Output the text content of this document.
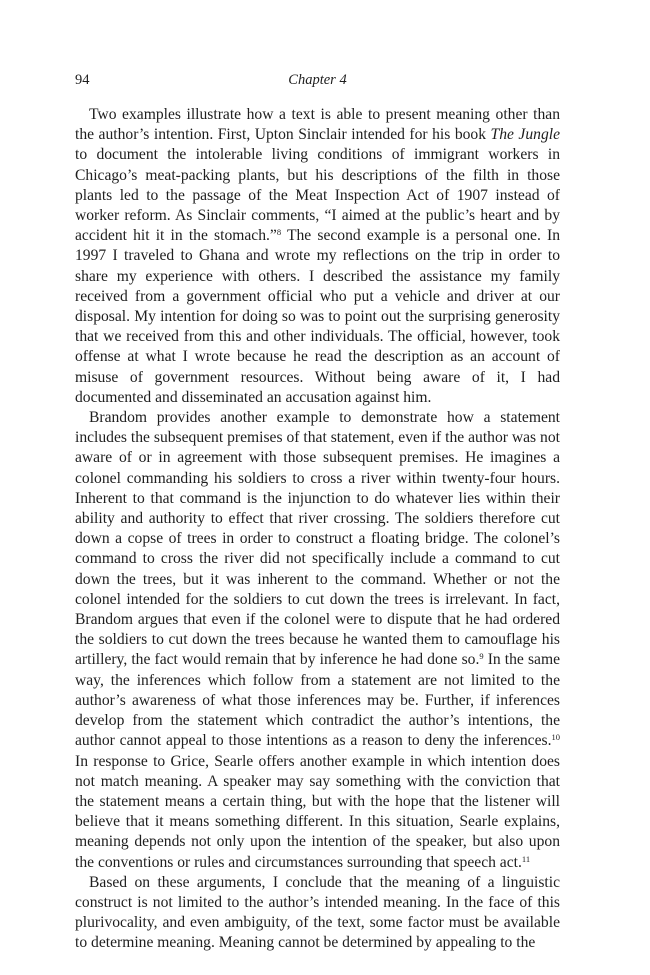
94	Chapter 4

Two examples illustrate how a text is able to present meaning other than the author’s intention. First, Upton Sinclair intended for his book The Jungle to document the intolerable living conditions of immigrant workers in Chicago’s meat-packing plants, but his descriptions of the filth in those plants led to the passage of the Meat Inspection Act of 1907 instead of worker reform. As Sinclair comments, “I aimed at the public’s heart and by accident hit it in the stomach.”$^8$ The second example is a personal one. In 1997 I traveled to Ghana and wrote my reflections on the trip in order to share my experience with others. I described the assistance my family received from a government official who put a vehicle and driver at our disposal. My intention for doing so was to point out the surprising generosity that we received from this and other individuals. The official, however, took offense at what I wrote because he read the description as an account of misuse of government resources. Without being aware of it, I had documented and disseminated an accusation against him.

Brandom provides another example to demonstrate how a statement includes the subsequent premises of that statement, even if the author was not aware of or in agreement with those subsequent premises. He imagines a colonel commanding his soldiers to cross a river within twenty-four hours. Inherent to that command is the injunction to do whatever lies within their ability and authority to effect that river crossing. The soldiers therefore cut down a copse of trees in order to construct a floating bridge. The colonel’s command to cross the river did not specifically include a command to cut down the trees, but it was inherent to the command. Whether or not the colonel intended for the soldiers to cut down the trees is irrelevant. In fact, Brandom argues that even if the colonel were to dispute that he had ordered the soldiers to cut down the trees because he wanted them to camouflage his artillery, the fact would remain that by inference he had done so.$^9$ In the same way, the inferences which follow from a statement are not limited to the author’s awareness of what those inferences may be. Further, if inferences develop from the statement which contradict the author’s intentions, the author cannot appeal to those intentions as a reason to deny the inferences.$^{10}$ In response to Grice, Searle offers another example in which intention does not match meaning. A speaker may say something with the conviction that the statement means a certain thing, but with the hope that the listener will believe that it means something different. In this situation, Searle explains, meaning depends not only upon the intention of the speaker, but also upon the conventions or rules and circumstances surrounding that speech act.$^{11}$

Based on these arguments, I conclude that the meaning of a linguistic construct is not limited to the author’s intended meaning. In the face of this plurivocality, and even ambiguity, of the text, some factor must be available to determine meaning. Meaning cannot be determined by appealing to the
